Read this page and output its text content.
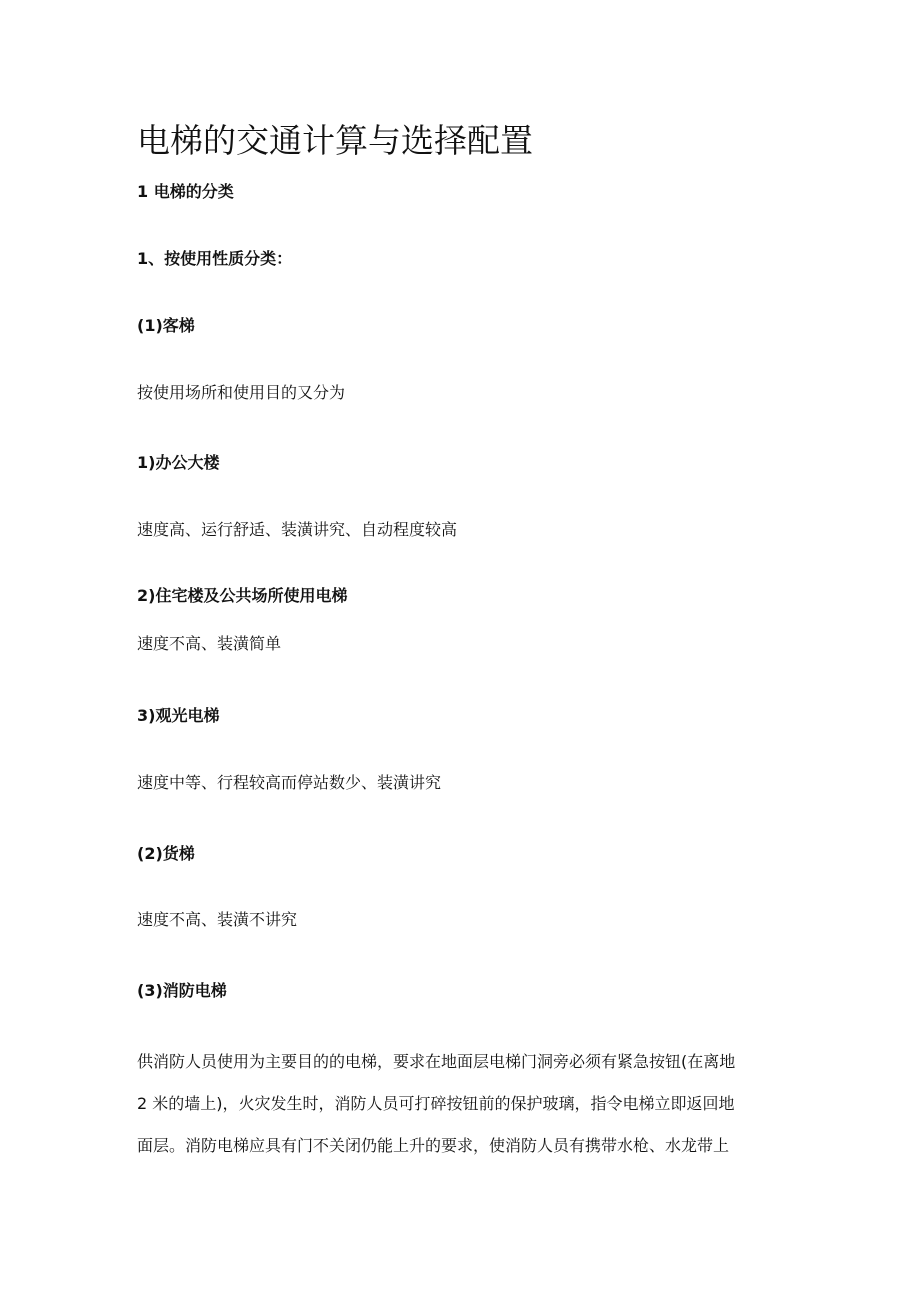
电梯的交通计算与选择配置
1 电梯的分类
1、按使用性质分类：
(1)客梯
按使用场所和使用目的又分为
1)办公大楼
速度高、运行舒适、装潢讲究、自动程度较高
2)住宅楼及公共场所使用电梯
速度不高、装潢简单
3)观光电梯
速度中等、行程较高而停站数少、装潢讲究
(2)货梯
速度不高、装潢不讲究
(3)消防电梯
供消防人员使用为主要目的的电梯，要求在地面层电梯门洞旁必须有紧急按钮(在离地
2 米的墙上)，火灾发生时，消防人员可打碎按钮前的保护玻璃，指令电梯立即返回地
面层。消防电梯应具有门不关闭仍能上升的要求，使消防人员有携带水枪、水龙带上
